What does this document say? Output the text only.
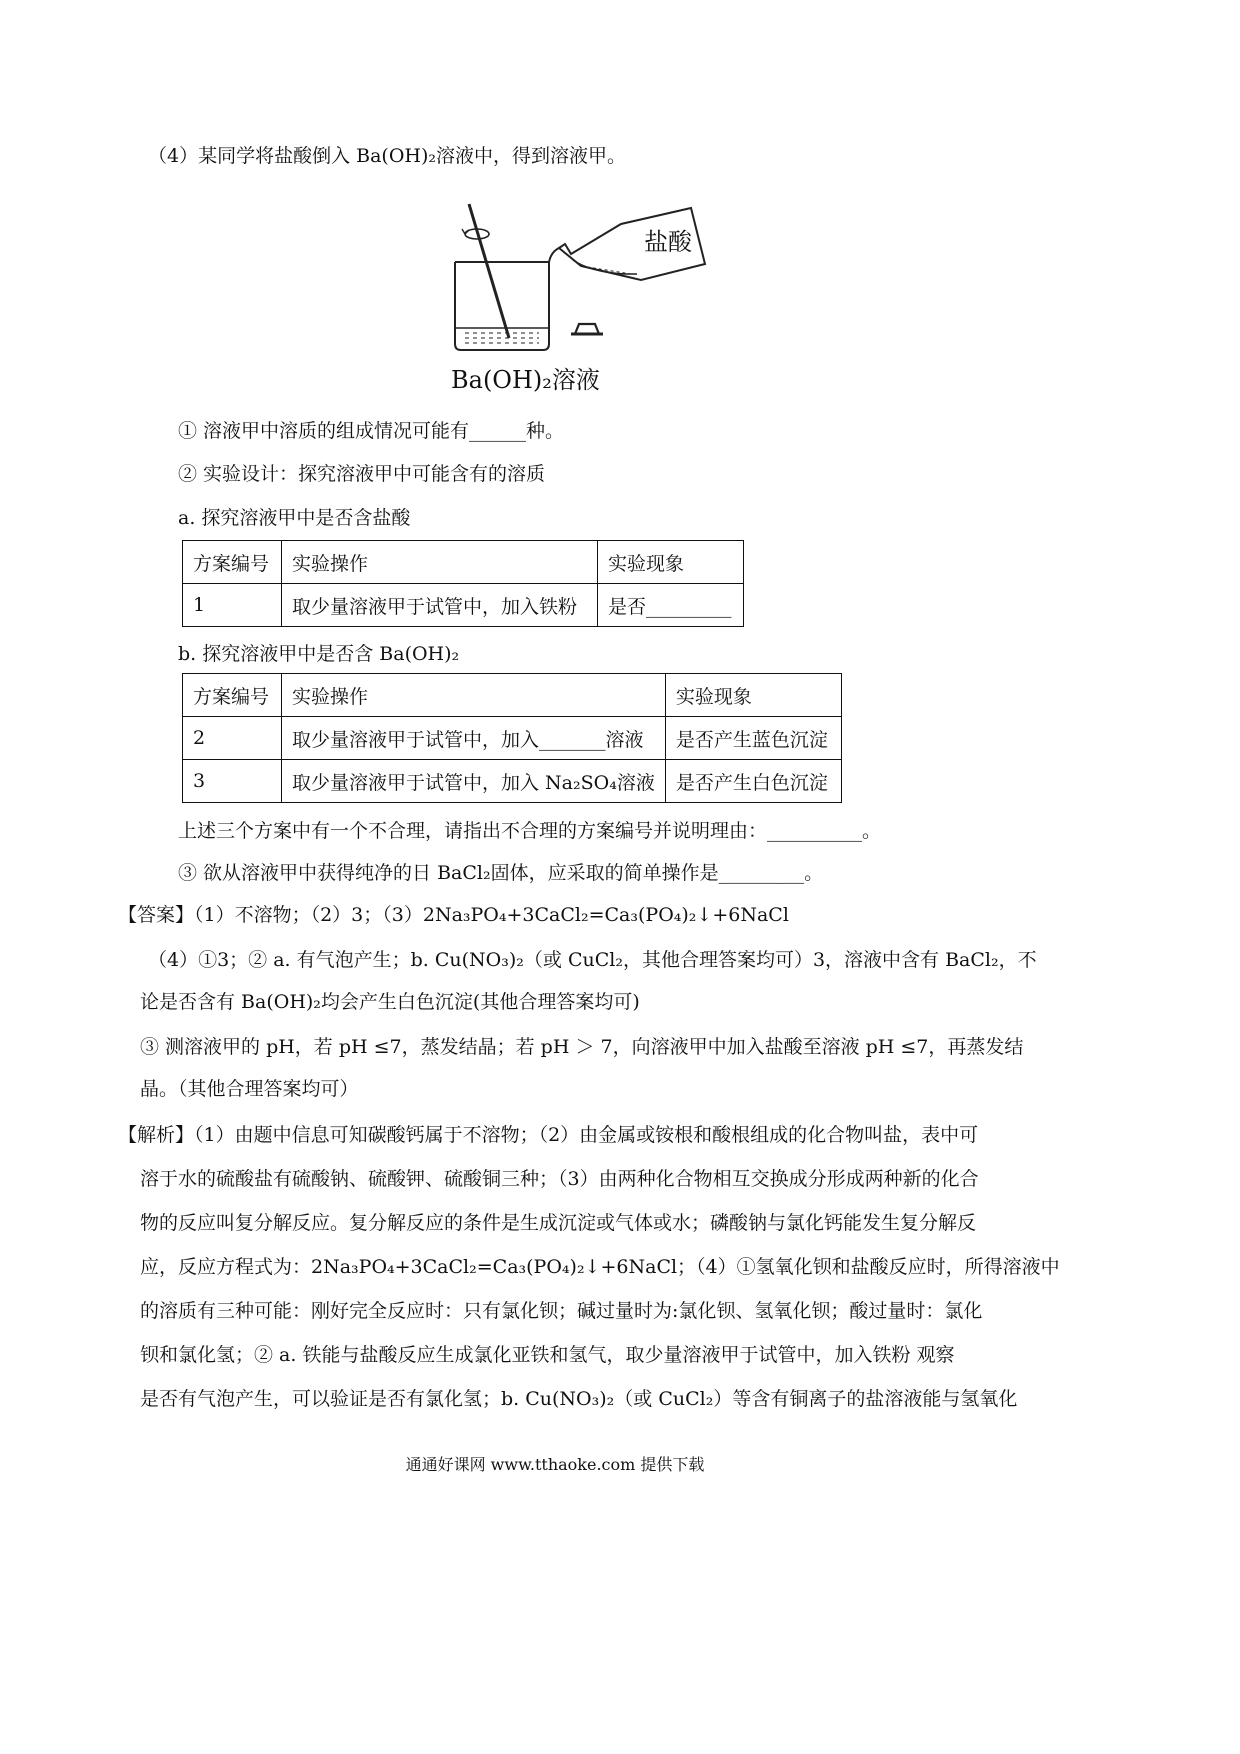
（4）某同学将盐酸倒入 Ba(OH)₂溶液中，得到溶液甲。
盐酸
Ba(OH)₂溶液
① 溶液甲中溶质的组成情况可能有______种。
② 实验设计：探究溶液甲中可能含有的溶质
a. 探究溶液甲中是否含盐酸
方案编号	实验操作	实验现象
1	取少量溶液甲于试管中，加入铁粉	是否_________
b. 探究溶液甲中是否含 Ba(OH)₂
方案编号	实验操作	实验现象
2	取少量溶液甲于试管中，加入_______溶液	是否产生蓝色沉淀
3	取少量溶液甲于试管中，加入 Na₂SO₄溶液	是否产生白色沉淀
上述三个方案中有一个不合理，请指出不合理的方案编号并说明理由：__________。
③ 欲从溶液甲中获得纯净的日 BaCl₂固体，应采取的简单操作是_________。
【答案】（1）不溶物；（2）3；（3）2Na₃PO₄+3CaCl₂=Ca₃(PO₄)₂↓+6NaCl
（4）①3；② a. 有气泡产生；b. Cu(NO₃)₂（或 CuCl₂，其他合理答案均可）3，溶液中含有 BaCl₂，不
论是否含有 Ba(OH)₂均会产生白色沉淀(其他合理答案均可)
③ 测溶液甲的 pH，若 pH ≤7，蒸发结晶；若 pH ＞ 7，向溶液甲中加入盐酸至溶液 pH ≤7，再蒸发结
晶。（其他合理答案均可）
【解析】（1）由题中信息可知碳酸钙属于不溶物；（2）由金属或铵根和酸根组成的化合物叫盐，表中可
溶于水的硫酸盐有硫酸钠、硫酸钾、硫酸铜三种；（3）由两种化合物相互交换成分形成两种新的化合
物的反应叫复分解反应。复分解反应的条件是生成沉淀或气体或水；磷酸钠与氯化钙能发生复分解反
应，反应方程式为：2Na₃PO₄+3CaCl₂=Ca₃(PO₄)₂↓+6NaCl；（4）①氢氧化钡和盐酸反应时，所得溶液中
的溶质有三种可能：刚好完全反应时：只有氯化钡；碱过量时为:氯化钡、氢氧化钡；酸过量时：氯化
钡和氯化氢；② a. 铁能与盐酸反应生成氯化亚铁和氢气，取少量溶液甲于试管中，加入铁粉 观察
是否有气泡产生，可以验证是否有氯化氢；b. Cu(NO₃)₂（或 CuCl₂）等含有铜离子的盐溶液能与氢氧化
通通好课网 www.tthaoke.com 提供下载
